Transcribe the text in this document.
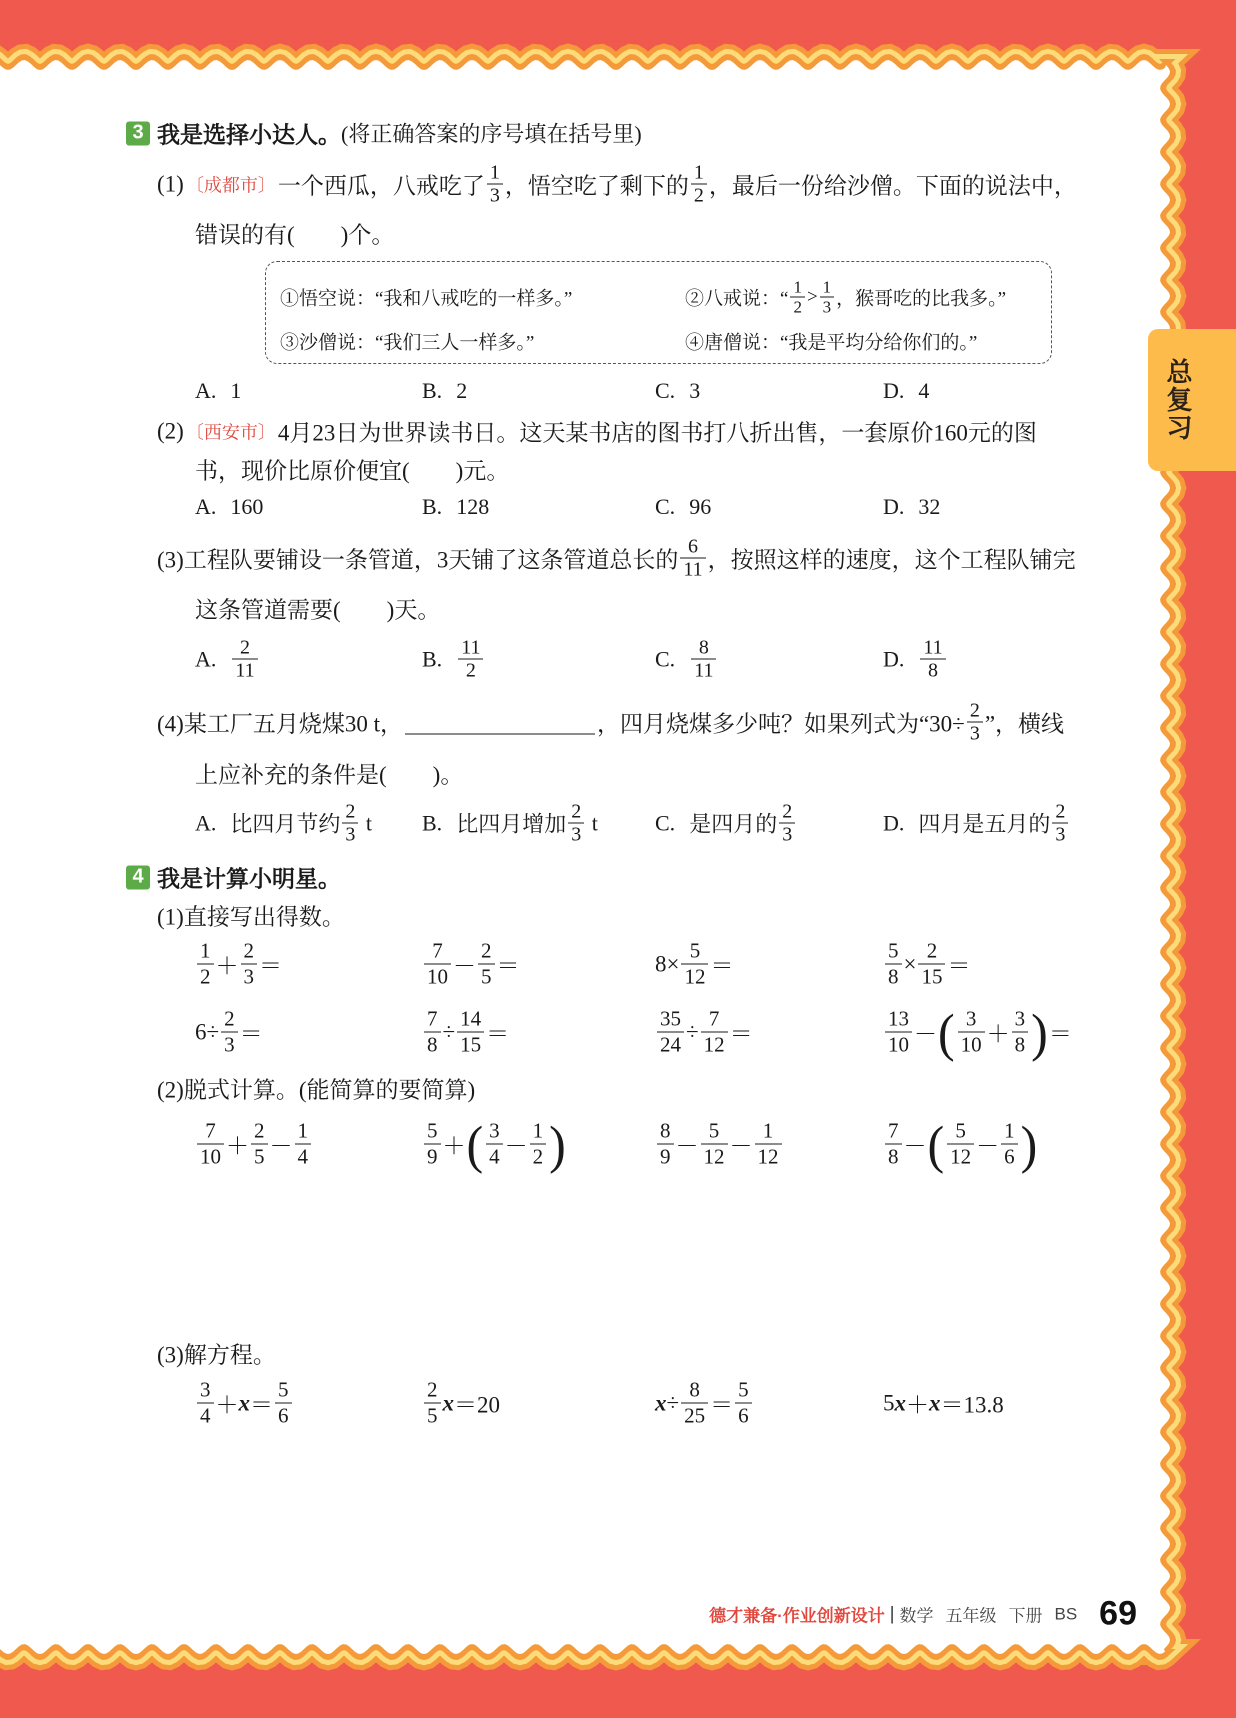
总复习
3 我是选择小达人。 (将正确答案的序号填在括号里)
(1) 〔成都市〕 一个西瓜，八戒吃了 $\frac{1}{3}$ ，悟空吃了剩下的 $\frac{1}{2}$ ，最后一份给沙僧。下面的说法中，
错误的有(　　)个。
①悟空说：“我和八戒吃的一样多。”	②八戒说：“ $\frac{1}{2} > \frac{1}{3}$ ，猴哥吃的比我多。”
③沙僧说：“我们三人一样多。”	④唐僧说：“我是平均分给你们的。”
A. 1	B. 2	C. 3	D. 4
(2) 〔西安市〕 4月23日为世界读书日。这天某书店的图书打八折出售，一套原价160元的图
书，现价比原价便宜(　　)元。
A. 160	B. 128	C. 96	D. 32
(3)工程队要铺设一条管道，3天铺了这条管道总长的 $\frac{6}{11}$ ，按照这样的速度，这个工程队铺完
这条管道需要(　　)天。
A. $\frac{2}{11}$	B. $\frac{11}{2}$	C. $\frac{8}{11}$	D. $\frac{11}{8}$
(4)某工厂五月烧煤30 t，	，四月烧煤多少吨？如果列式为“$30\div \frac{2}{3}$ ”，横线
上应补充的条件是(　　)。
A. 比四月节约 $\frac{2}{3}$ t B. 比四月增加 $\frac{2}{3}$ t	C. 是四月的 $\frac{2}{3}$	D. 四月是五月的 $\frac{2}{3}$
4 我是计算小明星。
(1)直接写出得数。
$\frac{1}{2} + \frac{2}{3}$ ＝	$\frac{7}{10} - \frac{2}{5}$ ＝	$8\times \frac{5}{12}$ ＝	$\frac{5}{8} \times \frac{2}{15}$ ＝
$6\div \frac{2}{3}$ ＝	$\frac{7}{8} \div \frac{14}{15}$ ＝	$\frac{35}{24} \div \frac{7}{12}$ ＝	$\frac{13}{10}$ － ( $\frac{3}{10} + \frac{3}{8}$ ) ＝
(2)脱式计算。(能简算的要简算)
$\frac{7}{10} + \frac{2}{5} - \frac{1}{4}$	$\frac{5}{9}$ ＋ ( $\frac{3}{4} - \frac{1}{2}$ )	$\frac{8}{9} - \frac{5}{12} - \frac{1}{12}$	$\frac{7}{8}$ － ( $\frac{5}{12} - \frac{1}{6}$ )
(3)解方程。
$\frac{3}{4} + x = \frac{5}{6}$	$\frac{2}{5}$ x ＝20	$x \div \frac{8}{25} = \frac{5}{6}$	5 x ＋ x ＝13.8
德才兼备·作业创新设计 | 数学 五年级 下册 BS 69
